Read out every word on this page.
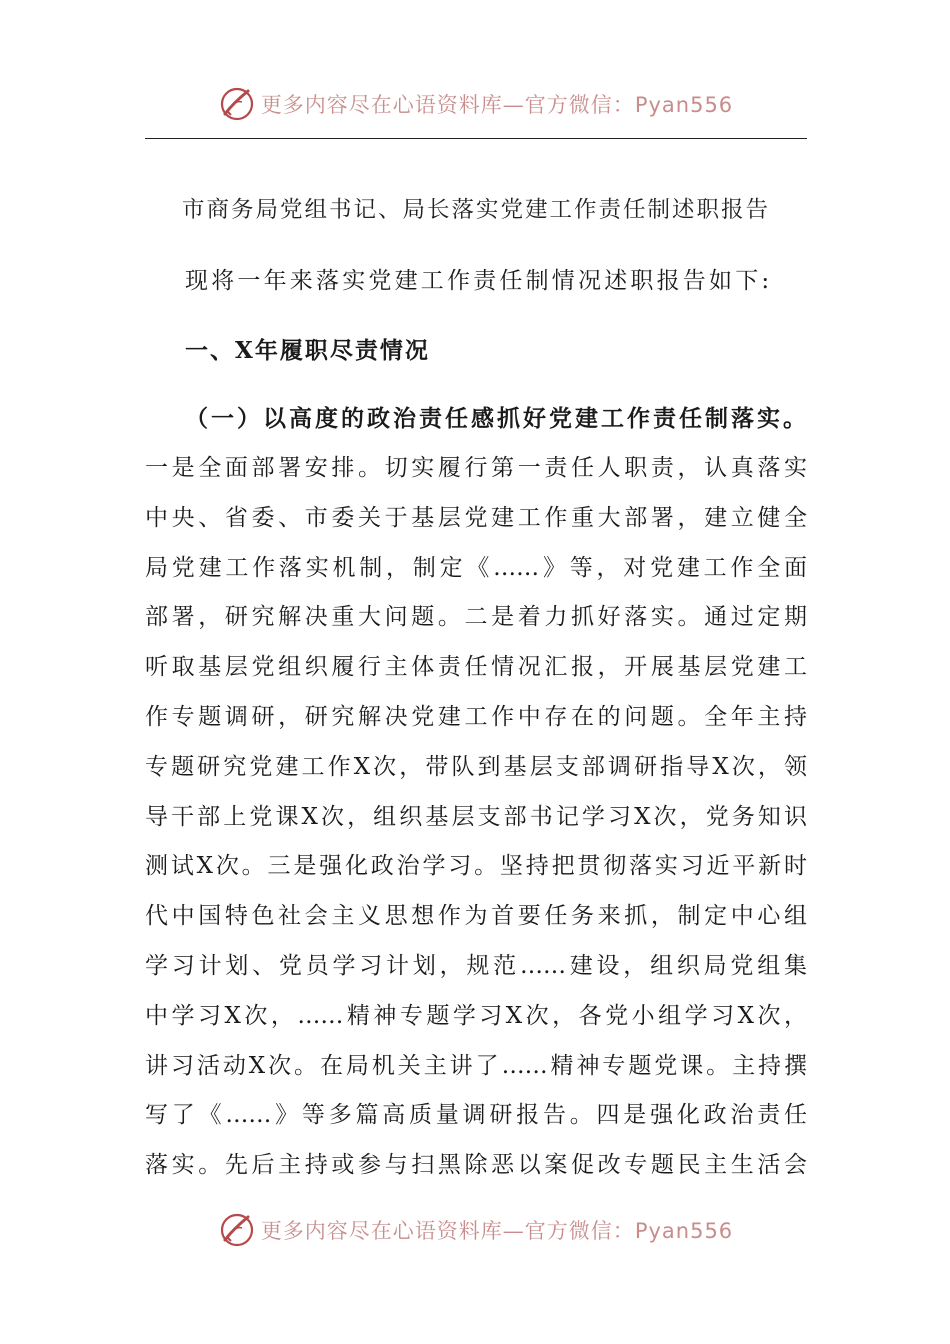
更多内容尽在心语资料库—官方微信：Pyan556
市商务局党组书记、局长落实党建工作责任制述职报告
现将一年来落实党建工作责任制情况述职报告如下:
一、X年履职尽责情况
（一）以高度的政治责任感抓好党建工作责任制落实。
一是全面部署安排。切实履行第一责任人职责，认真落实
中央、省委、市委关于基层党建工作重大部署，建立健全
局党建工作落实机制，制定《……》等，对党建工作全面
部署，研究解决重大问题。二是着力抓好落实。通过定期
听取基层党组织履行主体责任情况汇报，开展基层党建工
作专题调研，研究解决党建工作中存在的问题。全年主持
专题研究党建工作X次，带队到基层支部调研指导X次，领
导干部上党课X次，组织基层支部书记学习X次，党务知识
测试X次。三是强化政治学习。坚持把贯彻落实习近平新时
代中国特色社会主义思想作为首要任务来抓，制定中心组
学习计划、党员学习计划，规范……建设，组织局党组集
中学习X次，……精神专题学习X次，各党小组学习X次，
讲习活动X次。在局机关主讲了……精神专题党课。主持撰
写了《……》等多篇高质量调研报告。四是强化政治责任
落实。先后主持或参与扫黑除恶以案促改专题民主生活会
更多内容尽在心语资料库—官方微信：Pyan556
